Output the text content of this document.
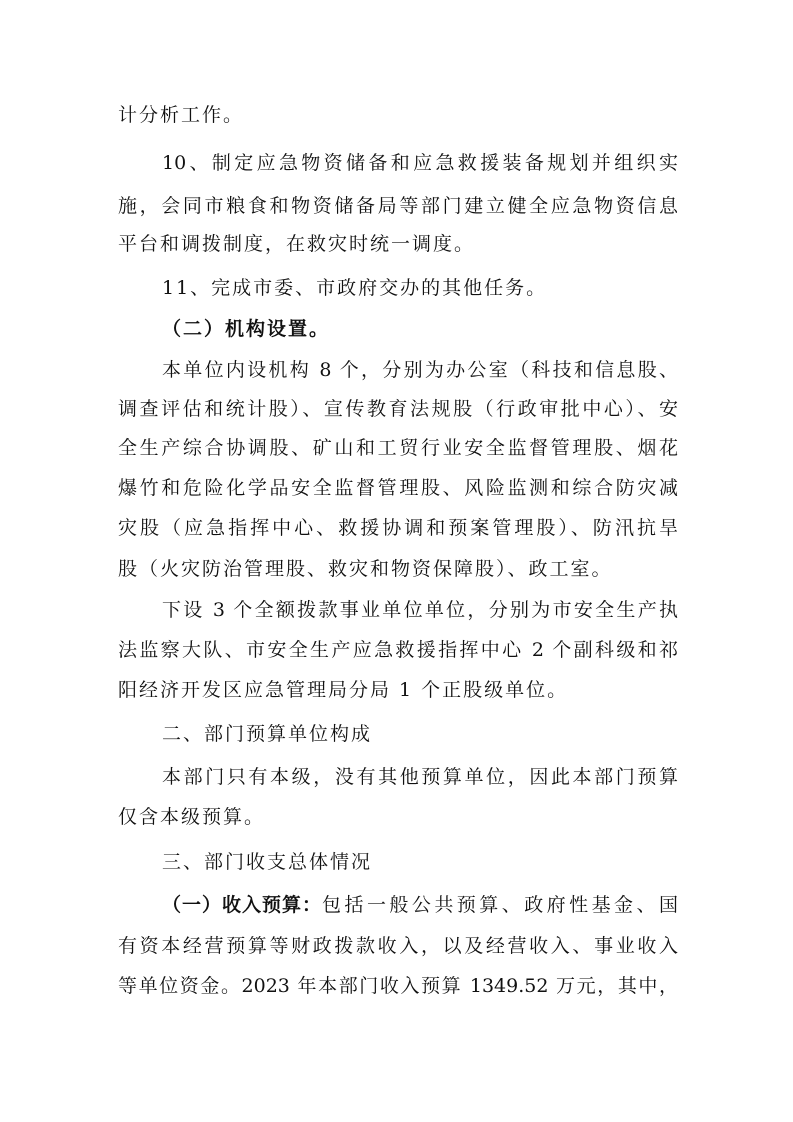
计分析工作。
10、制定应急物资储备和应急救援装备规划并组织实
施，会同市粮食和物资储备局等部门建立健全应急物资信息
平台和调拨制度，在救灾时统一调度。
11、完成市委、市政府交办的其他任务。
（二）机构设置。
本单位内设机构 8 个，分别为办公室（科技和信息股、
调查评估和统计股）、宣传教育法规股（行政审批中心）、安
全生产综合协调股、矿山和工贸行业安全监督管理股、烟花
爆竹和危险化学品安全监督管理股、风险监测和综合防灾减
灾股（应急指挥中心、救援协调和预案管理股）、防汛抗旱
股（火灾防治管理股、救灾和物资保障股）、政工室。
下设 3 个全额拨款事业单位单位，分别为市安全生产执
法监察大队、市安全生产应急救援指挥中心 2 个副科级和祁
阳经济开发区应急管理局分局 1 个正股级单位。
二、部门预算单位构成
本部门只有本级，没有其他预算单位，因此本部门预算
仅含本级预算。
三、部门收支总体情况
（一）收入预算： 包括一般公共预算、政府性基金、国
有资本经营预算等财政拨款收入，以及经营收入、事业收入
等单位资金。2023 年本部门收入预算 1349.52 万元，其中，
